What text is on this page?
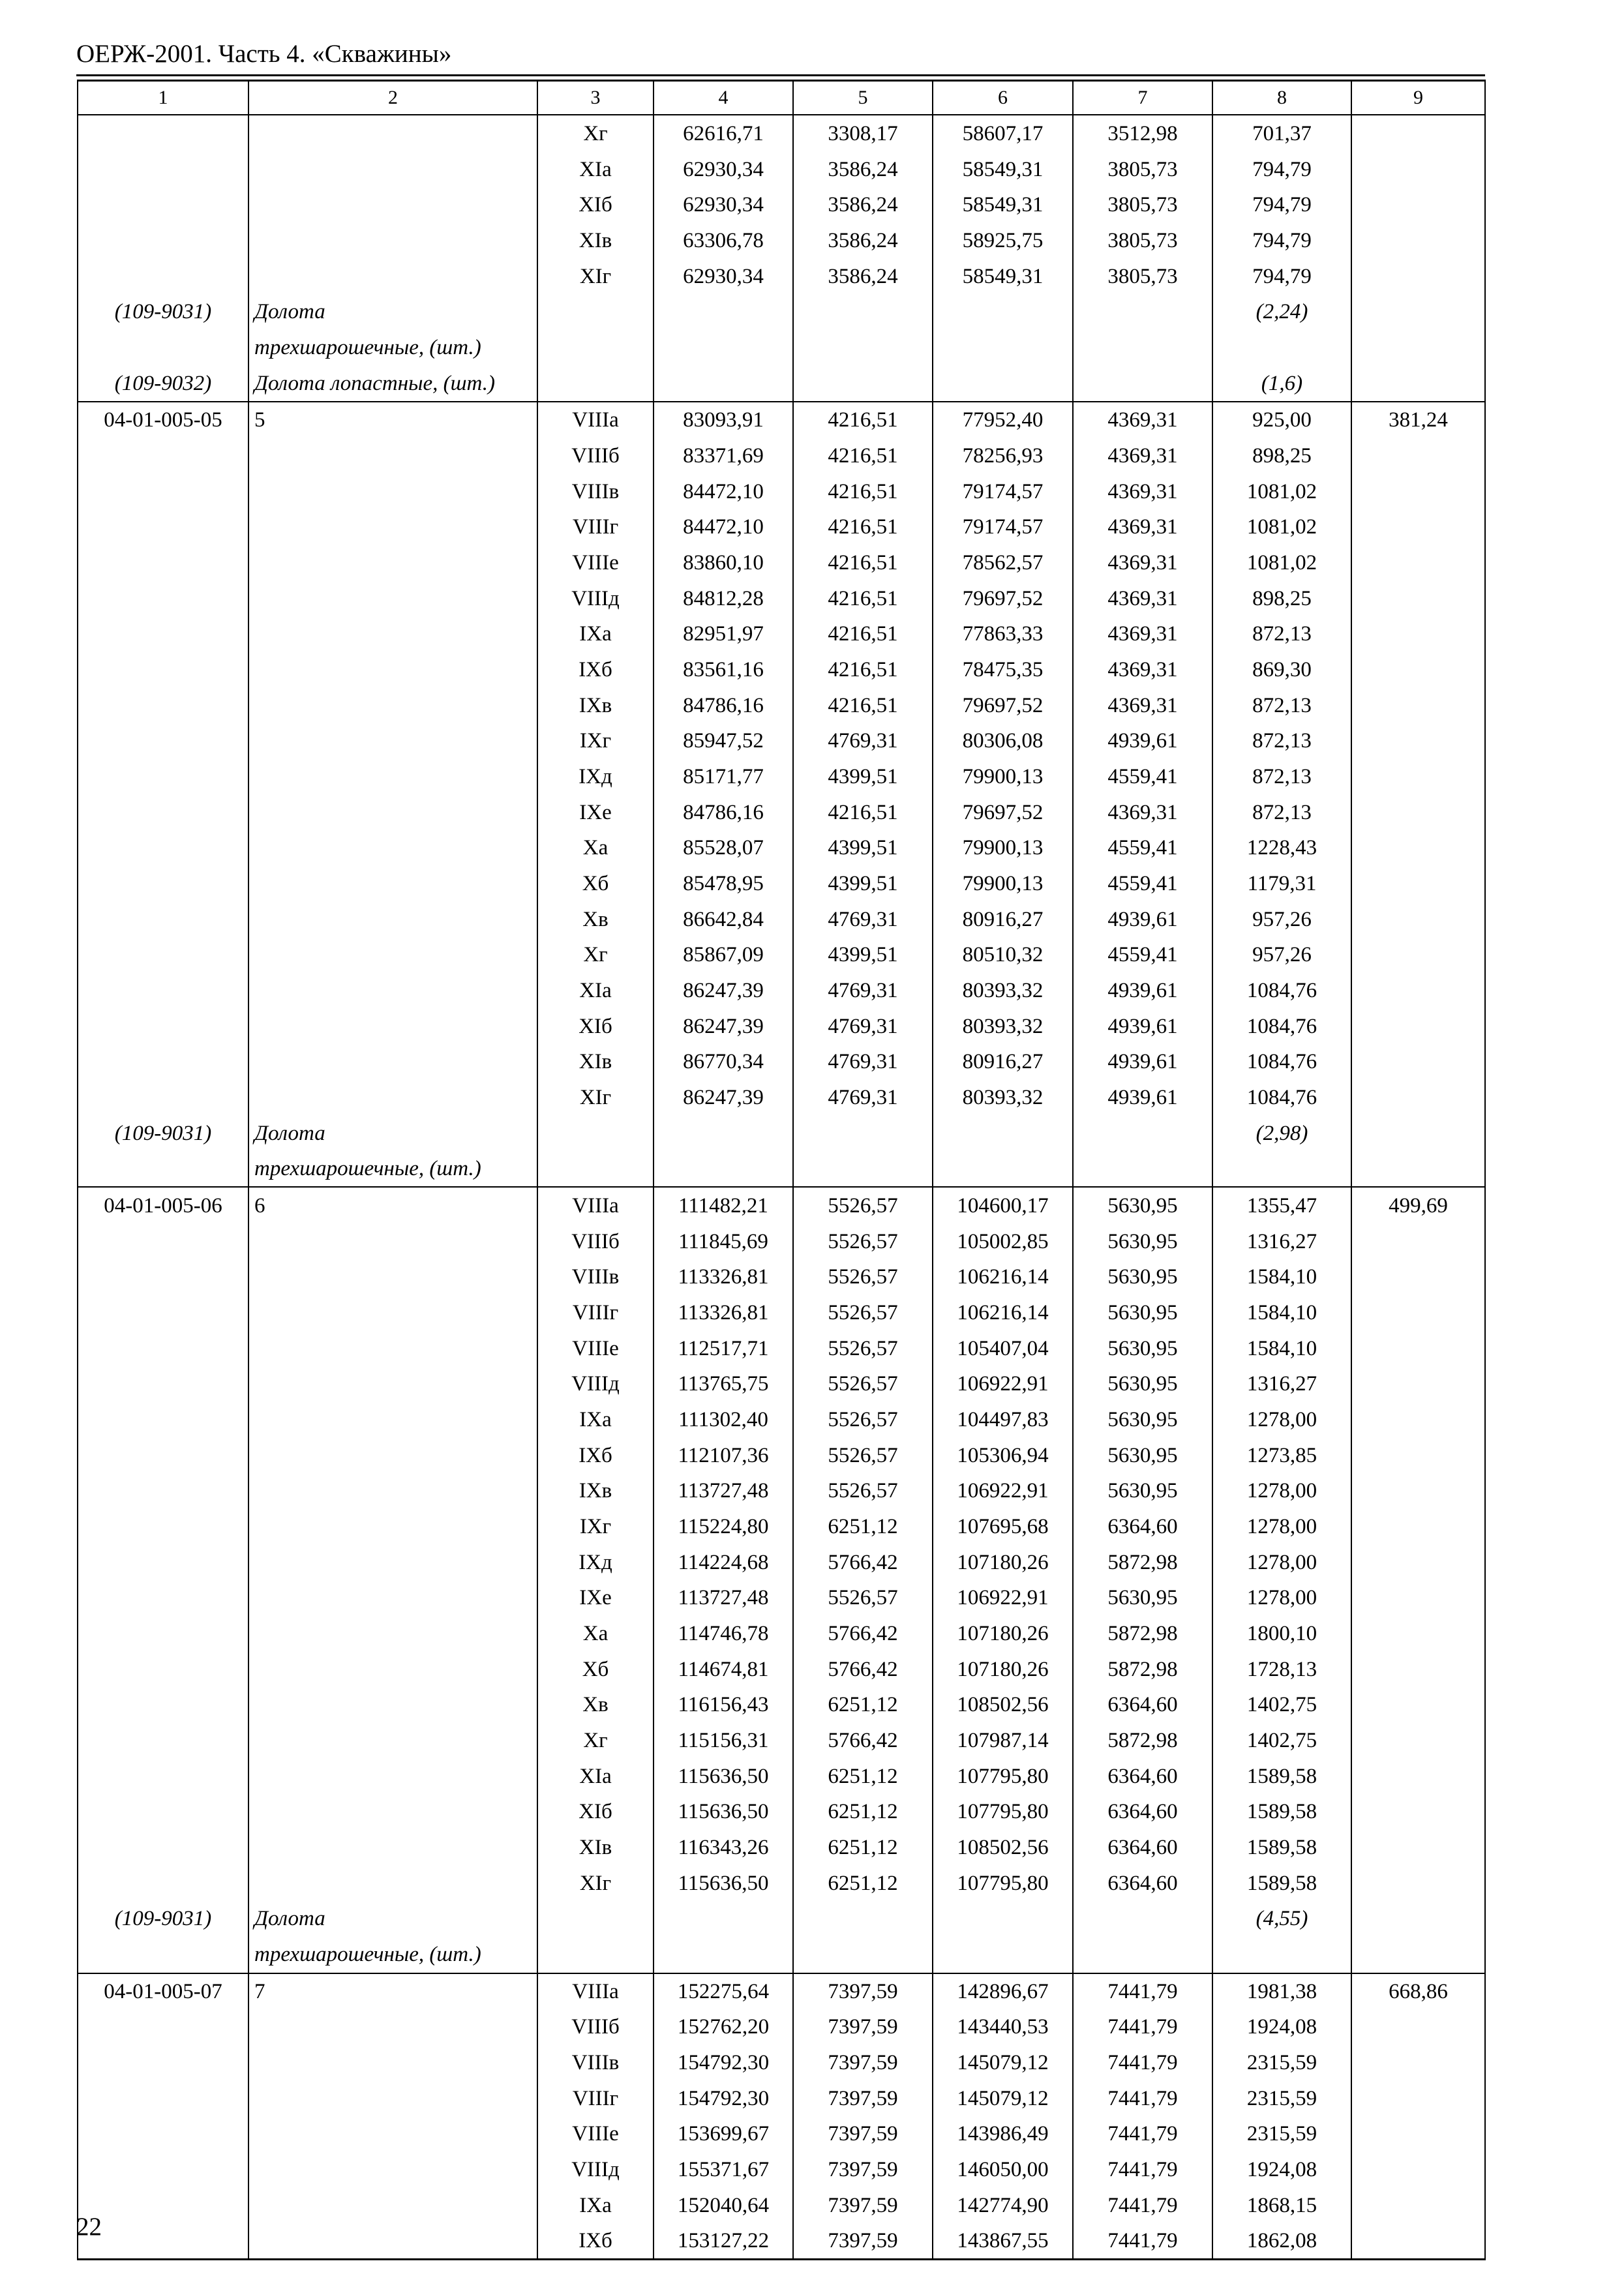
ОЕРЖ-2001. Часть 4. «Скважины»
1	2	3	4	5	6	7	8	9
		Xг	62616,71	3308,17	58607,17	3512,98	701,37	
		XIа	62930,34	3586,24	58549,31	3805,73	794,79	
		XIб	62930,34	3586,24	58549,31	3805,73	794,79	
		XIв	63306,78	3586,24	58925,75	3805,73	794,79	
		XIг	62930,34	3586,24	58549,31	3805,73	794,79	
(109-9031)	Долота						(2,24)	
	трехшарошечные, (шт.)							
(109-9032)	Долота лопастные, (шт.)						(1,6)	
04-01-005-05	5	VIIIа	83093,91	4216,51	77952,40	4369,31	925,00	381,24
		VIIIб	83371,69	4216,51	78256,93	4369,31	898,25	
		VIIIв	84472,10	4216,51	79174,57	4369,31	1081,02	
		VIIIг	84472,10	4216,51	79174,57	4369,31	1081,02	
		VIIIе	83860,10	4216,51	78562,57	4369,31	1081,02	
		VIIIд	84812,28	4216,51	79697,52	4369,31	898,25	
		IXа	82951,97	4216,51	77863,33	4369,31	872,13	
		IXб	83561,16	4216,51	78475,35	4369,31	869,30	
		IXв	84786,16	4216,51	79697,52	4369,31	872,13	
		IXг	85947,52	4769,31	80306,08	4939,61	872,13	
		IXд	85171,77	4399,51	79900,13	4559,41	872,13	
		IXе	84786,16	4216,51	79697,52	4369,31	872,13	
		Xа	85528,07	4399,51	79900,13	4559,41	1228,43	
		Xб	85478,95	4399,51	79900,13	4559,41	1179,31	
		Xв	86642,84	4769,31	80916,27	4939,61	957,26	
		Xг	85867,09	4399,51	80510,32	4559,41	957,26	
		XIа	86247,39	4769,31	80393,32	4939,61	1084,76	
		XIб	86247,39	4769,31	80393,32	4939,61	1084,76	
		XIв	86770,34	4769,31	80916,27	4939,61	1084,76	
		XIг	86247,39	4769,31	80393,32	4939,61	1084,76	
(109-9031)	Долота						(2,98)	
	трехшарошечные, (шт.)							
04-01-005-06	6	VIIIа	111482,21	5526,57	104600,17	5630,95	1355,47	499,69
		VIIIб	111845,69	5526,57	105002,85	5630,95	1316,27	
		VIIIв	113326,81	5526,57	106216,14	5630,95	1584,10	
		VIIIг	113326,81	5526,57	106216,14	5630,95	1584,10	
		VIIIе	112517,71	5526,57	105407,04	5630,95	1584,10	
		VIIIд	113765,75	5526,57	106922,91	5630,95	1316,27	
		IXа	111302,40	5526,57	104497,83	5630,95	1278,00	
		IXб	112107,36	5526,57	105306,94	5630,95	1273,85	
		IXв	113727,48	5526,57	106922,91	5630,95	1278,00	
		IXг	115224,80	6251,12	107695,68	6364,60	1278,00	
		IXд	114224,68	5766,42	107180,26	5872,98	1278,00	
		IXе	113727,48	5526,57	106922,91	5630,95	1278,00	
		Xа	114746,78	5766,42	107180,26	5872,98	1800,10	
		Xб	114674,81	5766,42	107180,26	5872,98	1728,13	
		Xв	116156,43	6251,12	108502,56	6364,60	1402,75	
		Xг	115156,31	5766,42	107987,14	5872,98	1402,75	
		XIа	115636,50	6251,12	107795,80	6364,60	1589,58	
		XIб	115636,50	6251,12	107795,80	6364,60	1589,58	
		XIв	116343,26	6251,12	108502,56	6364,60	1589,58	
		XIг	115636,50	6251,12	107795,80	6364,60	1589,58	
(109-9031)	Долота						(4,55)	
	трехшарошечные, (шт.)							
04-01-005-07	7	VIIIа	152275,64	7397,59	142896,67	7441,79	1981,38	668,86
		VIIIб	152762,20	7397,59	143440,53	7441,79	1924,08	
		VIIIв	154792,30	7397,59	145079,12	7441,79	2315,59	
		VIIIг	154792,30	7397,59	145079,12	7441,79	2315,59	
		VIIIе	153699,67	7397,59	143986,49	7441,79	2315,59	
		VIIIд	155371,67	7397,59	146050,00	7441,79	1924,08	
		IXа	152040,64	7397,59	142774,90	7441,79	1868,15	
		IXб	153127,22	7397,59	143867,55	7441,79	1862,08	
22
